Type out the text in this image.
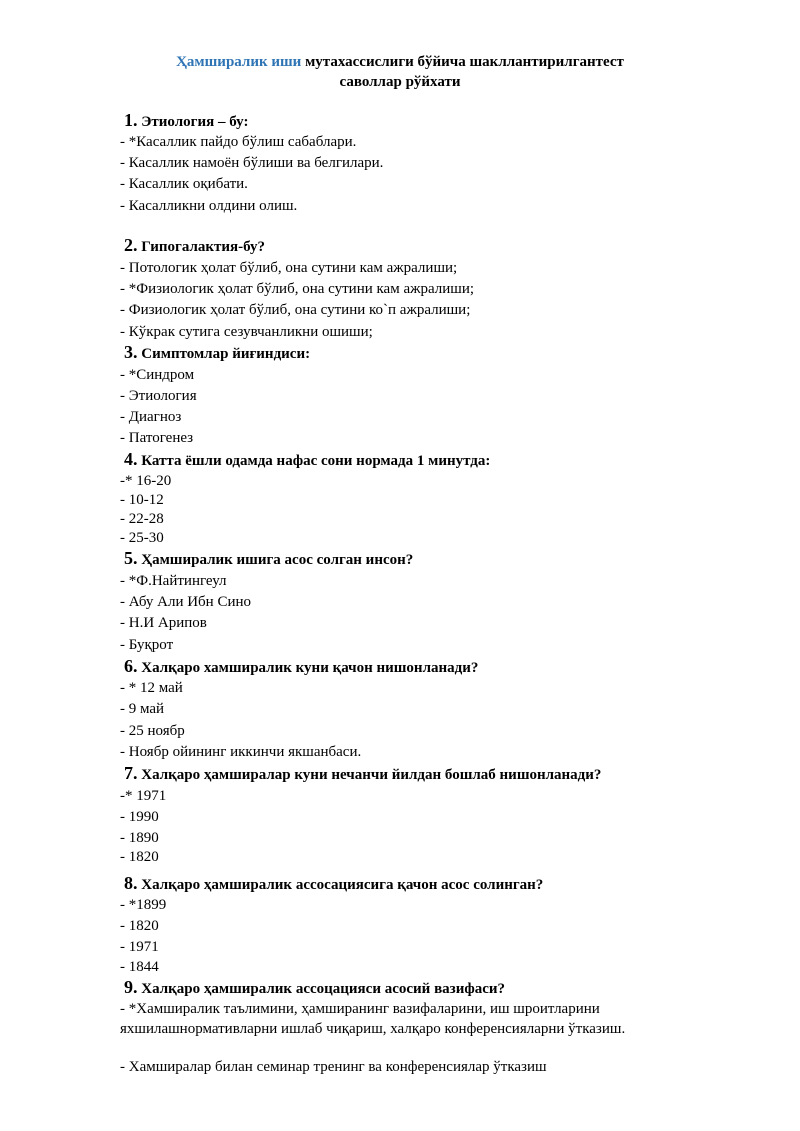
Ҳамширалик иши мутахассислиги бўйича шакллантирилгантест
саволлар рўйхати
1. Этиология – бу:
- *Касаллик пайдо бўлиш сабаблари.
- Касаллик намоён бўлиши ва белгилари.
- Касаллик оқибати.
- Касалликни олдини олиш.
2. Гипогалактия-бу?
- Потологик ҳолат бўлиб, она сутини кам ажралиши;
- *Физиологик ҳолат бўлиб, она сутини кам ажралиши;
- Физиологик ҳолат бўлиб, она сутини ко`п ажралиши;
- Кўкрак сутига сезувчанликни ошиши;
3. Симптомлар йиғиндиси:
- *Синдром
- Этиология
- Диагноз
- Патогенез
4. Катта ёшли одамда нафас сони нормада 1 минутда:
-* 16-20
- 10-12
- 22-28
- 25-30
5. Ҳамширалик ишига асос солган инсон?
- *Ф.Найтингеул
- Абу Али Ибн Сино
- Н.И Арипов
- Буқрот
6. Халқаро хамширалик куни қачон нишонланади?
- * 12 май
- 9 май
- 25 ноябр
- Ноябр ойининг иккинчи якшанбаси.
7. Халқаро ҳамширалар куни нечанчи йилдан бошлаб нишонланади?
-* 1971
- 1990
- 1890
- 1820
8. Халқаро ҳамширалик ассосациясига қачон асос солинган?
- *1899
- 1820
- 1971
- 1844
9. Халқаро ҳамширалик ассоцацияси асосий вазифаси?
- *Хамширалик таълимини, ҳамширанинг вазифаларини, иш шроитларини яхшилашнормативларни ишлаб чиқариш, халқаро конференсияларни ўтказиш.
- Хамширалар билан семинар тренинг ва конференсиялар ўтказиш
